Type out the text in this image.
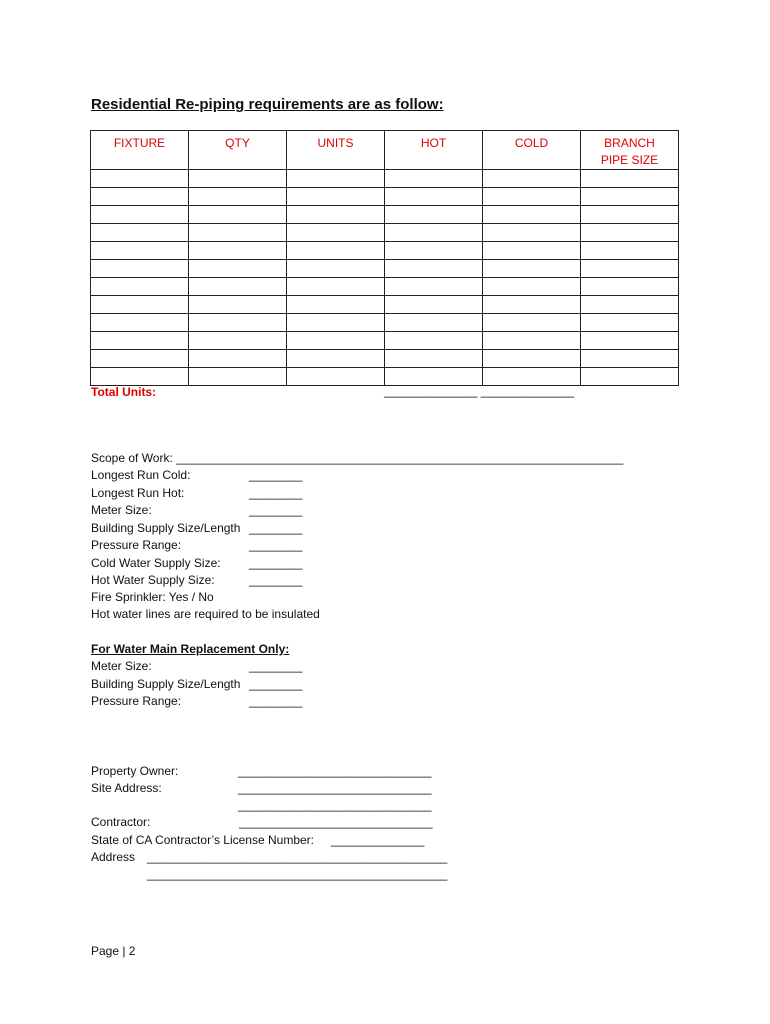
Residential Re-piping requirements are as follow:
FIXTURE	QTY	UNITS	HOT	COLD	BRANCH PIPE SIZE

Total Units:	______________ ______________
Scope of Work: ___________________________________________________________________
Longest Run Cold:	________
Longest Run Hot:	________
Meter Size:	________
Building Supply Size/Length ________
Pressure Range:	________
Cold Water Supply Size: ________
Hot Water Supply Size:	________
Fire Sprinkler: Yes / No
Hot water lines are required to be insulated
For Water Main Replacement Only:
Meter Size:	________
Building Supply Size/Length ________
Pressure Range:	________
Property Owner:	_____________________________
Site Address:	_____________________________
_____________________________
Contractor:	_____________________________
State of CA Contractor’s License Number: ______________
Address _____________________________________________
_____________________________________________
Page | 2
